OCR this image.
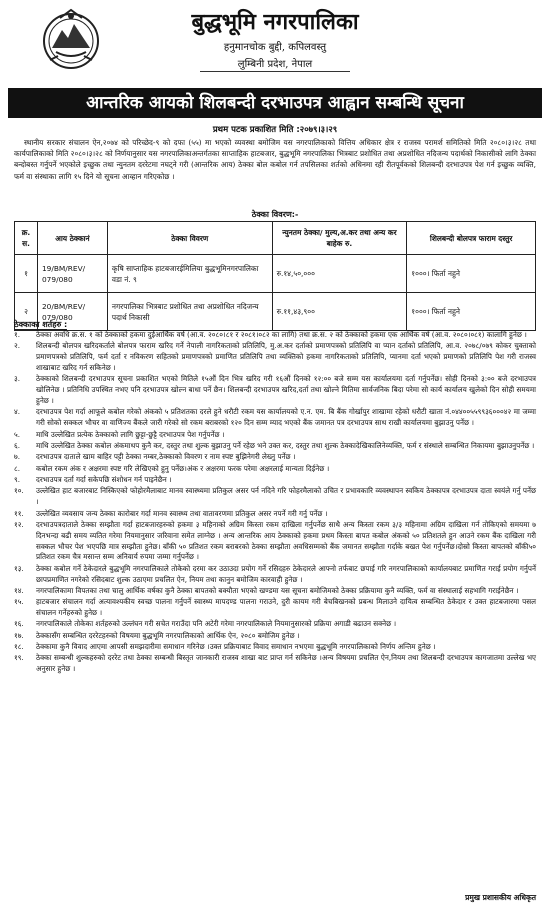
बुद्धभूमि नगरपालिका
हनुमानचोक बुद्दी, कपिलवस्तु
लुम्बिनी प्रदेश, नेपाल
आन्तरिक आयको शिलबन्दी दरभाउपत्र आह्वान सम्बन्धि सूचना
प्रथम पटक प्रकाशित मिति :२०७९।३।२९

स्थानीय सरकार संचालन ऐन,२०७४ को परिच्छेद-९ को दफा (५५) मा भएको व्यवस्था बमोजिम यस नगरपालिकाको वित्तिय अधिकार क्षेत्र र राजस्व परामर्श समितिको मिति २०८०।३।२८ तथा कार्यपालिकाको मिति २०८०।३।२८ को निर्णयानुसार यस नगरपालिकाअन्तर्गतका साप्ताहिक हाटबजार, बुद्धभूमि नगरपालिका भित्रबाट प्रशोधित तथा अप्रशोधित नदिजन्य पदार्थको निकासीको लागि ठेक्का बन्दोबस्त गर्नुपर्ने भएकोले इच्छुक तथा न्युनतम दररेटमा नघट्ने गरी (आन्तरिक आय) ठेक्का बोल कबोल गर्न तपसिलका शर्तको अधिनमा रही रीतपूर्वकको शिलबन्दी दरभाउपत्र पेश गर्न इच्छुक व्यक्ति, फर्म वा संस्थाका लागि १५ दिने यो सूचना आव्हान गरिएकोछ ।

ठेक्का विवरण:-
क्र. स.	आय ठेक्कानं	ठेक्का विवरण	न्युनतम ठेक्का/ मुल्य,अ.कर तथा अन्य कर बाहेक रु.	शिलबन्दी बोलपत्र फाराम दस्तुर
१	19/BM/REV/ 079/080	कृषि साप्ताहिक हाटबजारईमिलिया बुद्धभूमिनगरपालिका वडा नं. ९	रु.१४,५०,०००	१०००। फिर्ता नहुने
२	20/BM/REV/ 079/080	नगरपालिका भित्रबाट प्रशोधित तथा अप्रशोधित नदिजन्य पदार्थ निकासी	रु.११,४३,९००	१०००। फिर्ता नहुने
ठेक्काका शर्तहरु :
१.	ठेक्का अवधि क्र.स. १ को ठेक्काको हकमा दुईआर्थिक वर्ष (आ.व. २०८०।८१ र २०८१।०८२ का लागि) तथा क्र.स. २ को ठेक्काको हकमा एक आर्थिक वर्ष (आ.व. २०८०।०८१) कालागि हुनेछ ।
२.	शिलबन्दी बोलपत्र खरिदकर्ताले बोलपत्र फाराम खरिद गर्ने नेपाली नागरिकताको प्रतिलिपि, मु.अ.कर दर्ताको प्रमाणपत्रको प्रतिलिपि वा प्यान दर्ताको प्रतिलिपि, आ.व. २०७८/०७९ कोकर चुक्ताको प्रमाणपत्रको प्रतिलिपि, फर्म दर्ता र नविकरण सहितको प्रमाणपत्रको प्रमाणित प्रतिलिपि तथा व्यक्तिको हकमा नागरिकताको प्रतिलिपि, प्यानमा दर्ता भएको प्रमाणको प्रतिलिपि पेश गरी राजस्व शाखाबाट खरिद गर्न सकिनेछ ।
३.	ठेक्काको शिलबन्दी दरभाउपत्र सूचना प्रकाशित भएको मितिले १५औं दिन भित्र खरिद गरी १६औं दिनको १२:०० बजे सम्म यस कार्यालयमा दर्ता गर्नुपर्नेछ। सोही दिनको ३:०० बजे दरभाउपत्र खोलिनेछ । प्रतिनिधि उपस्थित नभए पनि दरभाउपत्र खोल्न बाधा पर्ने छैन। शिलबन्दी दरभाउपत्र खरिद,दर्ता तथा खोल्ने मितिमा सार्वजनिक बिदा परेमा सो कार्य कार्यालय खुलेको दिन सोही समयमा हुनेछ ।
४.	दरभाउपत्र पेश गर्दा आफूले कबोल गरेको अंकको ५ प्रतिशतका दरले हुने धरौटी रकम यस कार्यालयको ए.न. एम. बि बैंक गोर्खापुर शाखामा रहेको धरौटी खाता नं.०४४००५५९९३६०००४२ मा जम्मा गरी सोको सक्कल भौचर वा वाणिज्य बैंकले जारी गरेको सो रकम बराबरको १२० दिन सम्म म्याद भएको बैंक जमानत पत्र दरभाउपत्र साथ राखी कार्यालयमा बुझाउनु पर्नेछ ।
५.	माथि उल्लेखित प्रत्येक ठेक्काको लागि छुट्टा-छुट्टै दरभाउपत्र पेश गर्नुपर्नेछ ।
६.	माथि उल्लेखित ठेक्का कबोल अंकमाथप कुनै कर, दस्तुर तथा शुल्क बुझाउनु पर्ने रहेछ भने उक्त कर, दस्तुर तथा शुल्क ठेक्कादेखिकालिनेव्यक्ति, फर्म र संस्थाले सम्बन्धित निकायमा बुझाउनुपर्नेछ ।
७.	दरभाउपत्र दाताले खाम बाहिर पट्टी ठेक्का नम्बर,ठेक्काको विवरण र नाम स्पष्ट बुझिनेगरी लेख्नु पर्नेछ ।
८.	कबोल रकम अंक र अक्षरमा स्पष्ट गरि लेखिएको हुनु पर्नेछ।अंक र अक्षरमा फरक परेमा अक्षरलाई मान्यता दिईनेछ ।
९.	दरभाउपत्र दर्ता गर्दा सकेपछि संशोधन गर्न पाइनेछैन ।
१०.	उल्लेखित हाट बजारबाट निस्किएको फोहोरमैलाबाट मानव स्वास्थ्यमा प्रतिकुल असर पर्न नदिने गरि फोहरमैलाको उचित र प्रभावकारि व्यवस्थापन स्वकिय ठेक्कापत्र दरभाउपत्र दाता स्वयंले गर्नु पर्नेछ ।
११.	उल्लेखित व्यवसाय जन्य ठेक्का कारोबार गर्दा मानव स्वास्थ्य तथा वातावरणमा प्रतिकुल असर नपर्ने गरी गर्नु पर्नेछ ।
१२.	दरभाउपत्रदाताले ठेक्का सम्झौता गर्दा हाटबजारहरुको हकमा ३ महिनाको अग्रिम किस्ता रकम दाखिला गर्नुपर्नेछ साथै अन्य किस्ता रकम ३/३ महिनामा अग्रिम दाखिला गर्न तोकिएको समयमा ७ दिनभन्दा बढी समय व्यतित गरेमा नियमानुसार जरिवाना समेत लाग्नेछ । अन्य आन्तरिक आय ठेक्काको हकमा प्रथम किस्ता बापत कबोल अंकको ५० प्रतिशतले हुन आउने रकम बैंक दाखिला गरी सक्कल भौचर पेश भएपछि मात्र सम्झौता हुनेछ। बाँकी ५० प्रतिशत रकम बराबरको ठेक्का सम्झौता अवधिसम्मको बैंक जमानत सम्झौता गर्दाके बखत पेश गर्नुपर्नेछ।दोस्रो किस्ता बापतको बाँकी५० प्रतिशत रकम चैत्र मसान्त सम्म अनिवार्य रुपमा जम्मा गर्नुपर्नेछ ।
१३.	ठेक्का कबोल गर्ने ठेकेदारले बुद्धभूमि नगरपालिकाले तोकेको दरमा कर उठाउदा प्रयोग गर्ने रसिदहरु ठेकेदारले आफ्नो तर्फबाट छपाई गरि नगरपालिकाको कार्यालयबाट प्रमाणित गराई प्रयोग गर्नुपर्ने छापप्रमाणित नगरेको रसिदबाट शुल्क उठाएमा प्रचलित ऐन, नियम तथा कानुन बमोजिम कारवाही हुनेछ ।
१४.	नगरपालिकामा विपतका तथा चालु आर्थिक वर्षका कुनै ठेक्का बापतको बक्यौता भएको खण्डमा यस सूचना बमोजिमको ठेक्का प्रक्रियामा कुनै व्यक्ति, फर्म वा संस्थालाई सहभागि गराईनेछैन ।
१५.	हाटबजार संचालन गर्दा अत्यावश्यकीय स्वच्छ पालना गर्नुपर्ने स्वास्थ्य मापदण्ड पालना गराउने, दुरी कायम गरी बेचबिखनको प्रबन्ध मिलाउने दायित्व सम्बन्धित ठेकेदार र उक्त हाटबजारमा पसल संचालन गर्नेहरुको हुनेछ ।
१६.	नगरपालिकाले तोकेका शर्तहरुको उल्लंघन गरी सचेत गराउँदा पनि अटेरी गरेमा नगरपालिकाले नियमानुसारको प्रक्रिया अगाडी बढाउन सक्नेछ ।
१७.	ठेक्कासँग सम्बन्धित दररेटहरुको विषयमा बुद्धभूमि नगरपालिकाको आर्थिक ऐन, २०८० बमोजिम हुनेछ ।
१८.	ठेक्कामा कुनै विवाद आएमा आपसी समझदारीमा समाधान गरिनेछ ।उक्त प्रक्रियाबाट विवाद समाधान नभएमा बुद्धभूमि नगरपालिकाको निर्णय अन्तिम हुनेछ ।
१९.	ठेक्का सम्बन्धी शुल्कहरुको दररेट तथा ठेक्का सम्बन्धी बिस्तृत जानकारी राजस्व शाखा बाट प्राप्त गर्न सकिनेछ ।अन्य विषयमा प्रचलित ऐन,नियम तथा शिलबन्दी दरभाउपत्र कागजातमा उल्लेख भए अनुसार हुनेछ ।
प्रमुख प्रशासकीय अधिकृत
